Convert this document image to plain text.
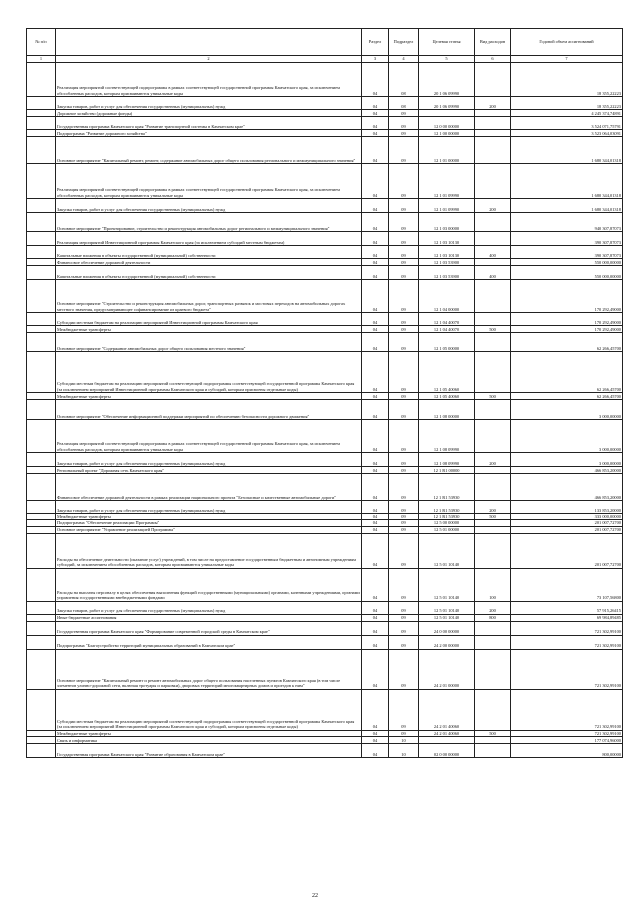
№ п/п		Раздел	Подраздел	Целевая статья	Вид расходов	Годовой объем ассигнований
1	2	3	4	5	6	7
	Реализация мероприятий соответствующей подпрограммы в рамках соответствующей государственной программы Камчатского края, за исключением обособленных расходов, которым присваиваются уникальные коды	04	08	20 1 06 09990		18 355,22223
	Закупка товаров, работ и услуг для обеспечения государственных (муниципальных) нужд	04	08	20 1 06 09990	200	18 355,22223
	Дорожное хозяйство (дорожные фонды)	04	09			4 245 374,74891
	Государственная программа Камчатского края "Развитие транспортной системы в Камчатском крае"	04	09	12 0 00 00000		3 524 071,75791
	Подпрограмма "Развитие дорожного хозяйства"	04	09	12 1 00 00000		3 523 064,03091
	Основное мероприятие "Капитальный ремонт, ремонт, содержание автомобильных дорог общего пользования регионального и межмуниципального значения"	04	09	12 1 01 00000		1 680 344,01318
	Реализация мероприятий соответствующей подпрограммы в рамках соответствующей государственной программы Камчатского края, за исключением обособленных расходов, которым присваиваются уникальные коды	04	09	12 1 01 09990		1 680 344,01318
	Закупка товаров, работ и услуг для обеспечения государственных (муниципальных) нужд	04	09	12 1 01 09990	200	1 680 344,01318
	Основное мероприятие "Проектирование, строительство и реконструкция автомобильных дорог регионального и межмуниципального значения"	04	09	12 1 03 00000		940 307,87073
	Реализация мероприятий Инвестиционной программы Камчатского края (за исключением субсидий местным бюджетам)	04	09	12 1 03 10130		390 307,87073
	Капитальные вложения в объекты государственной (муниципальной) собственности	04	09	12 1 03 10130	400	390 307,87073
	Финансовое обеспечение дорожной деятельности	04	09	12 1 03 53900		550 000,00000
	Капитальные вложения в объекты государственной (муниципальной) собственности	04	09	12 1 03 53900	400	550 000,00000
	Основное мероприятие "Строительство и реконструкция автомобильных дорог, транспортных развязок и мостовых переходов на автомобильных дорогах местного значения, предусматривающее софинансирование из краевого бюджета"	04	09	12 1 04 00000		170 292,49000
	Субсидии местным бюджетам на реализацию мероприятий Инвестиционной программы Камчатского края	04	09	12 1 04 40070		170 292,49000
	Межбюджетные трансферты	04	09	12 1 04 40070	500	170 292,49000
	Основное мероприятие "Содержание автомобильных дорог общего пользования местного значения"	04	09	12 1 05 00000		62 266,45700
	Субсидии местным бюджетам на реализацию мероприятий соответствующей подпрограммы соответствующей государственной программы Камчатского края (за исключением мероприятий Инвестиционной программы Камчатского края и субсидий, которым присвоены отдельные коды)	04	09	12 1 05 40060		62 266,45700
	Межбюджетные трансферты	04	09	12 1 05 40060	500	62 266,45700
	Основное мероприятие "Обеспечение информационной поддержки мероприятий по обеспечению безопасности дорожного движения"	04	09	12 1 08 00000		3 000,00000
	Реализация мероприятий соответствующей подпрограммы в рамках соответствующей государственной программы Камчатского края, за исключением обособленных расходов, которым присваиваются уникальные коды	04	09	12 1 08 09990		3 000,00000
	Закупка товаров, работ и услуг для обеспечения государственных (муниципальных) нужд	04	09	12 1 08 09990	200	3 000,00000
	Региональный проект "Дорожная сеть Камчатского края"	04	09	12 1 R1 00000		466 853,20000
	Финансовое обеспечение дорожной деятельности в рамках реализации национального проекта "Безопасные и качественные автомобильные дороги"	04	09	12 1 R1 53930		466 853,20000
	Закупка товаров, работ и услуг для обеспечения государственных (муниципальных) нужд	04	09	12 1 R1 53930	200	133 853,20000
	Межбюджетные трансферты	04	09	12 1 R1 53930	500	333 000,00000
	Подпрограмма "Обеспечение реализации Программы"	04	09	12 5 00 00000		201 007,72700
	Основное мероприятие "Управление реализацией Программы"	04	09	12 5 01 00000		201 007,72700
	Расходы на обеспечение деятельности (оказание услуг) учреждений, в том числе на предоставление государственным бюджетным и автономным учреждениям субсидий, за исключением обособленных расходов, которым присваиваются уникальные коды	04	09	12 5 01 10140		201 007,72700
	Расходы на выплаты персоналу в целях обеспечения выполнения функций государственными (муниципальными) органами, казенными учреждениями, органами управления государственными внебюджетными фондами	04	09	12 5 01 10140	100	73 107,56800
	Закупка товаров, работ и услуг для обеспечения государственных (муниципальных) нужд	04	09	12 5 01 10140	200	57 915,26415
	Иные бюджетные ассигнования	04	09	12 5 01 10140	800	69 984,89485
	Государственная программа Камчатского края "Формирование современной городской среды в Камчатском крае"	04	09	24 0 00 00000		721 302,99100
	Подпрограмма "Благоустройство территорий муниципальных образований в Камчатском крае"	04	09	24 2 00 00000		721 302,99100
	Основное мероприятие "Капитальный ремонт и ремонт автомобильных дорог общего пользования населенных пунктов Камчатского края (в том числе элементов улично-дорожной сети, включая тротуары и парковки), дворовых территорий многоквартирных домов и проездов к ним"	04	09	24 2 01 00000		721 302,99100
	Субсидии местным бюджетам на реализацию мероприятий соответствующей подпрограммы соответствующей государственной программы Камчатского края (за исключением мероприятий Инвестиционной программы Камчатского края и субсидий, которым присвоены отдельные коды)	04	09	24 2 01 40060		721 302,99100
	Межбюджетные трансферты	04	09	24 2 01 40060	500	721 302,99100
	Связь и информатика	04	10			177 074,96000
	Государственная программа Камчатского края "Развитие образования в Камчатском крае"	04	10	02 0 00 00000		800,00000
22
